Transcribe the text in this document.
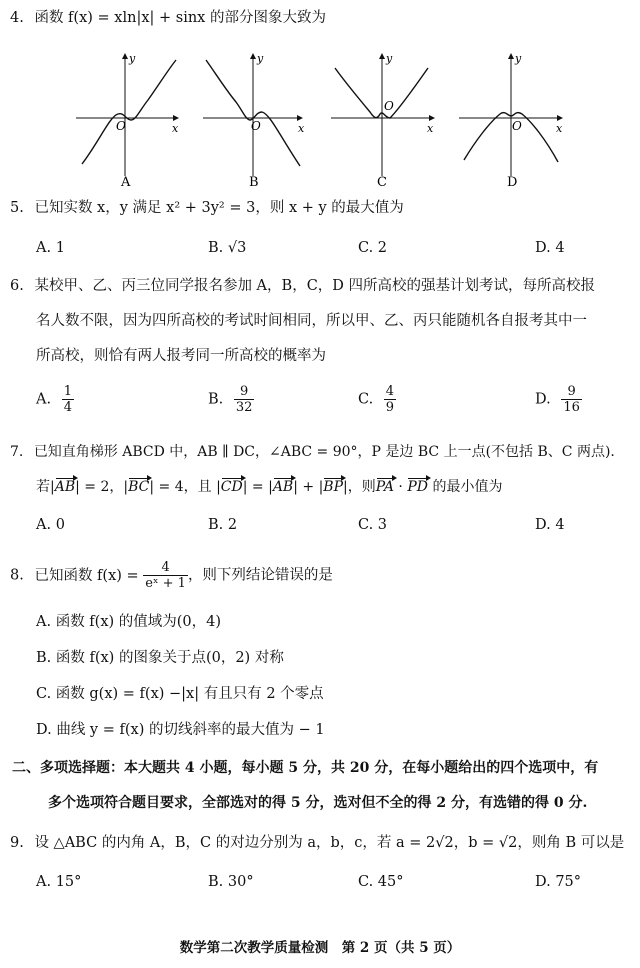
4. 函数 f(x) = xln|x| + sinx 的部分图象大致为
O	x
y
O	x
y
O
x
y
O	x
y
A	B	C	D
5. 已知实数 x，y 满足 x² + 3y² = 3，则 x + y 的最大值为
A. 1	B. √3	C. 2	D. 4
6. 某校甲、乙、丙三位同学报名参加 A，B，C，D 四所高校的强基计划考试，每所高校报
名人数不限，因为四所高校的考试时间相同，所以甲、乙、丙只能随机各自报考其中一
所高校，则恰有两人报考同一所高校的概率为
A. $\frac{1}{4}$	B. $\frac{9}{32}$	C. $\frac{4}{9}$	D. $\frac{9}{16}$
7. 已知直角梯形 ABCD 中，AB ∥ DC，∠ABC = 90°，P 是边 BC 上一点(不包括 B、C 两点).
若|AB| = 2，|BC| = 4，且 |CD| = |AB| + |BP|，则PA · PD 的最小值为
A. 0	B. 2	C. 3	D. 4
8. 已知函数 $f(x) = \frac{4}{\text{eˣ + 1}}$ ，则下列结论错误的是
A. 函数 f(x) 的值域为(0，4)
B. 函数 f(x) 的图象关于点(0，2) 对称
C. 函数 g(x) = f(x) −|x| 有且只有 2 个零点
D. 曲线 y = f(x) 的切线斜率的最大值为 − 1
二、多项选择题：本大题共 4 小题，每小题 5 分，共 20 分，在每小题给出的四个选项中，有
多个选项符合题目要求，全部选对的得 5 分，选对但不全的得 2 分，有选错的得 0 分.
9. 设 △ABC 的内角 A，B，C 的对边分别为 a，b，c，若 a = 2√2，b = √2，则角 B 可以是
A. 15°	B. 30°	C. 45°	D. 75°
数学第二次教学质量检测　第 2 页（共 5 页）
